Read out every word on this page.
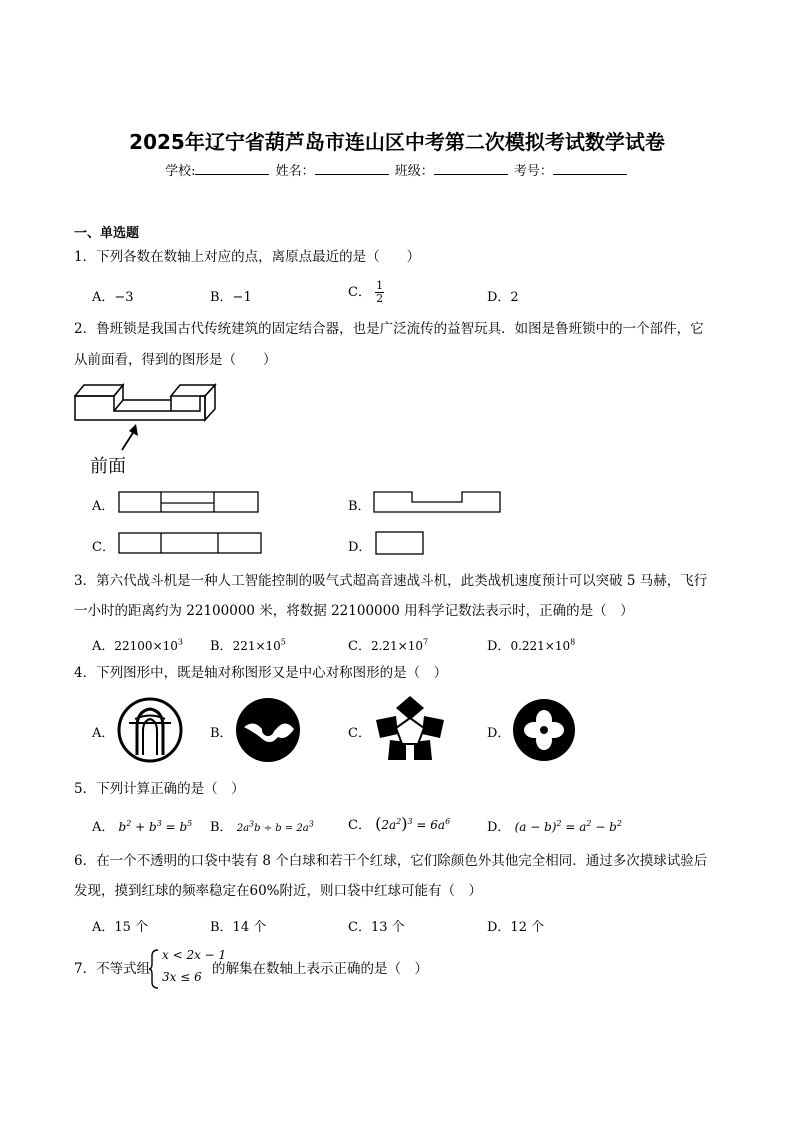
2025年辽宁省葫芦岛市连山区中考第二次模拟考试数学试卷
学校:	姓名：	班级：	考号：
一、单选题
1．下列各数在数轴上对应的点，离原点最近的是（　　）
A．−3	B．−1	C． $\frac{1}{2}$	D．2
2．鲁班锁是我国古代传统建筑的固定结合器，也是广泛流传的益智玩具．如图是鲁班锁中的一个部件，它
从前面看，得到的图形是（　　）
前面
A．	B．
C．	D．
3．第六代战斗机是一种人工智能控制的吸气式超高音速战斗机，此类战机速度预计可以突破 5 马赫，飞行
一小时的距离约为 22100000 米，将数据 22100000 用科学记数法表示时，正确的是（　）
A．$22100\times 10^3$ B．$221\times 10^5$	C．$2.21\times 10^7$	D．$0.221\times 10^8$
4．下列图形中，既是轴对称图形又是中心对称图形的是（　）
A．	B．	C．	D．
5．下列计算正确的是（　）
A． $b^2 + b^3 = b^5$ B． $2a^3b \div b = 2a^3$	C． $(2a^2)^3 = 6a^6$	D． $(a - b)^2 = a^2 - b^2$
6．在一个不透明的口袋中装有 8 个白球和若干个红球，它们除颜色外其他完全相同．通过多次摸球试验后
发现，摸到红球的频率稳定在60%附近，则口袋中红球可能有（　）
A．15 个	B．14 个	C．13 个	D．12 个
7．不等式组
x < 2x − 1
3x ≤ 6 的解集在数轴上表示正确的是（　）
